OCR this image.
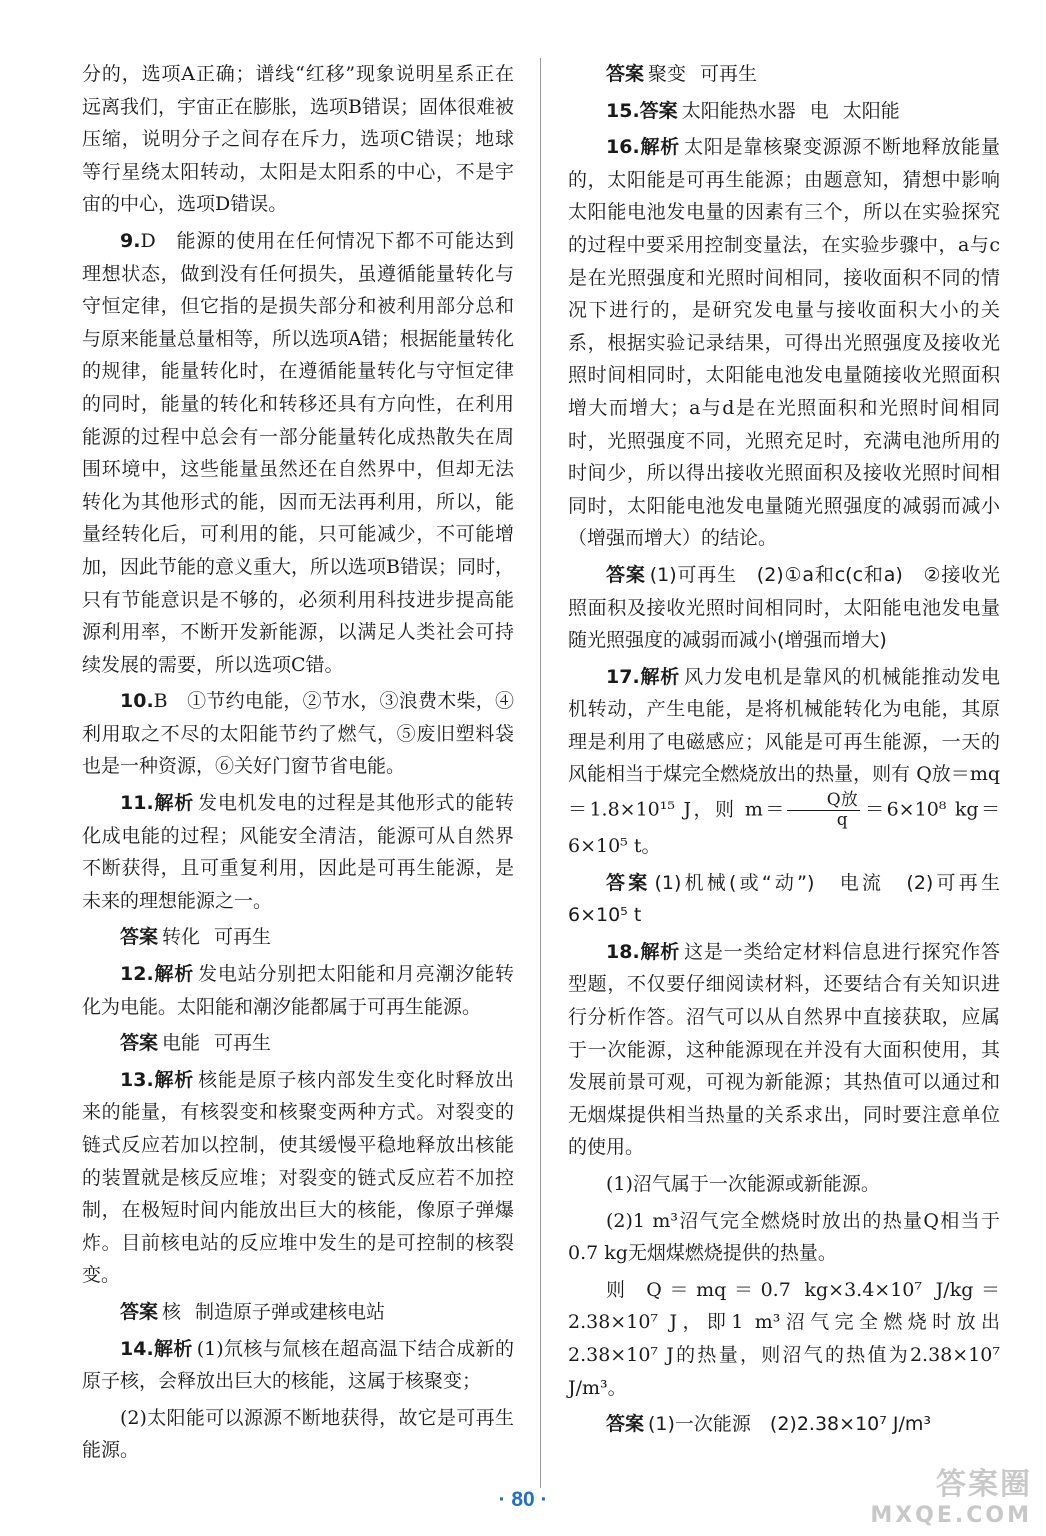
分的，选项A正确；谱线“红移”现象说明星系正在远离我们，宇宙正在膨胀，选项B错误；固体很难被压缩，说明分子之间存在斥力，选项C错误；地球等行星绕太阳转动，太阳是太阳系的中心，不是宇宙的中心，选项D错误。

9.D　能源的使用在任何情况下都不可能达到理想状态，做到没有任何损失，虽遵循能量转化与守恒定律，但它指的是损失部分和被利用部分总和与原来能量总量相等，所以选项A错；根据能量转化的规律，能量转化时，在遵循能量转化与守恒定律的同时，能量的转化和转移还具有方向性，在利用能源的过程中总会有一部分能量转化成热散失在周围环境中，这些能量虽然还在自然界中，但却无法转化为其他形式的能，因而无法再利用，所以，能量经转化后，可利用的能，只可能减少，不可能增加，因此节能的意义重大，所以选项B错误；同时，只有节能意识是不够的，必须利用科技进步提高能源利用率，不断开发新能源，以满足人类社会可持续发展的需要，所以选项C错。

10.B　①节约电能，②节水，③浪费木柴，④利用取之不尽的太阳能节约了燃气，⑤废旧塑料袋也是一种资源，⑥关好门窗节省电能。

11.解析 发电机发电的过程是其他形式的能转化成电能的过程；风能安全清洁，能源可从自然界不断获得，且可重复利用，因此是可再生能源，是未来的理想能源之一。

答案 转化 可再生

12.解析 发电站分别把太阳能和月亮潮汐能转化为电能。太阳能和潮汐能都属于可再生能源。

答案 电能 可再生

13.解析 核能是原子核内部发生变化时释放出来的能量，有核裂变和核聚变两种方式。对裂变的链式反应若加以控制，使其缓慢平稳地释放出核能的装置就是核反应堆；对裂变的链式反应若不加控制，在极短时间内能放出巨大的核能，像原子弹爆炸。目前核电站的反应堆中发生的是可控制的核裂变。

答案 核 制造原子弹或建核电站

14.解析 (1)氘核与氚核在超高温下结合成新的原子核，会释放出巨大的核能，这属于核聚变；

(2)太阳能可以源源不断地获得，故它是可再生能源。

答案 聚变 可再生

15.答案 太阳能热水器 电 太阳能

16.解析 太阳是靠核聚变源源不断地释放能量的，太阳能是可再生能源；由题意知，猜想中影响太阳能电池发电量的因素有三个，所以在实验探究的过程中要采用控制变量法，在实验步骤中，a与c是在光照强度和光照时间相同，接收面积不同的情况下进行的，是研究发电量与接收面积大小的关系，根据实验记录结果，可得出光照强度及接收光照时间相同时，太阳能电池发电量随接收光照面积增大而增大；a与d是在光照面积和光照时间相同时，光照强度不同，光照充足时，充满电池所用的时间少，所以得出接收光照面积及接收光照时间相同时，太阳能电池发电量随光照强度的减弱而减小（增强而增大）的结论。

答案 (1)可再生　(2)①a和c(c和a)　②接收光照面积及接收光照时间相同时，太阳能电池发电量随光照强度的减弱而减小(增强而增大)

17.解析 风力发电机是靠风的机械能推动发电机转动，产生电能，是将机械能转化为电能，其原理是利用了电磁感应；风能是可再生能源，一天的风能相当于煤完全燃烧放出的热量，则有 Q放＝mq＝1.8×10¹⁵ J，则 $m= \frac{\text{Q放}}{q} =6\times 10^8$ kg＝6×10⁵ t。

答案 (1)机械(或“动”)　电流　(2)可再生　6×10⁵ t

18.解析 这是一类给定材料信息进行探究作答型题，不仅要仔细阅读材料，还要结合有关知识进行分析作答。沼气可以从自然界中直接获取，应属于一次能源，这种能源现在并没有大面积使用，其发展前景可观，可视为新能源；其热值可以通过和无烟煤提供相当热量的关系求出，同时要注意单位的使用。

(1)沼气属于一次能源或新能源。

(2)1 m³沼气完全燃烧时放出的热量Q相当于0.7 kg无烟煤燃烧提供的热量。

则 Q＝mq＝0.7 kg×3.4×10⁷ J/kg＝2.38×10⁷ J，即1 m³沼气完全燃烧时放出2.38×10⁷ J的热量，则沼气的热值为2.38×10⁷ J/m³。

答案 (1)一次能源　(2)2.38×10⁷ J/m³

· 80 ·	答案圈
MXQE.COM
